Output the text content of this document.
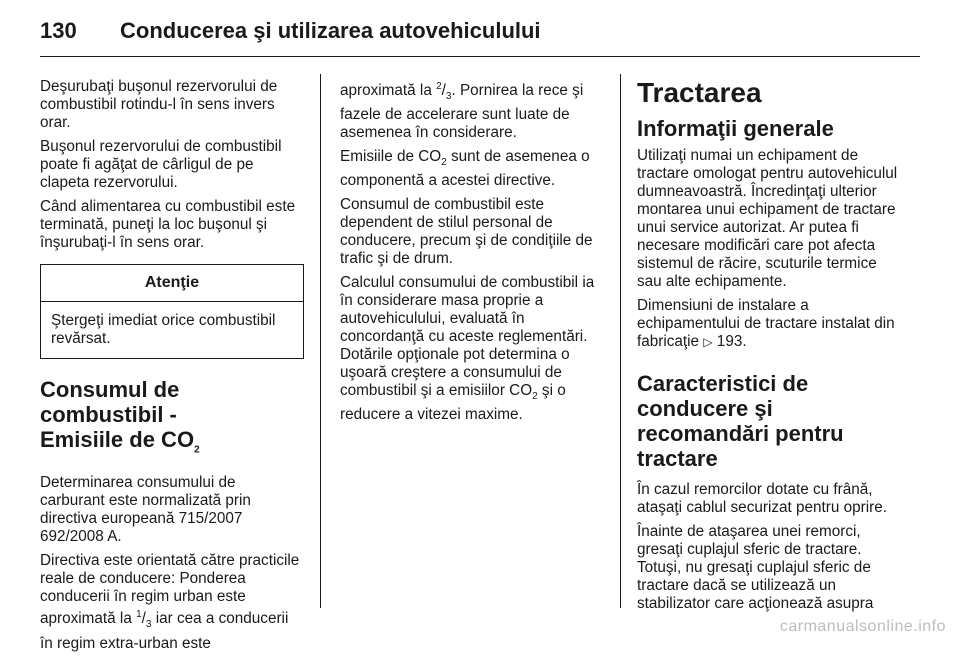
130 Conducerea şi utilizarea autovehiculului

Deşurubaţi buşonul rezervorului de combustibil rotindu-l în sens invers orar.

Buşonul rezervorului de combustibil poate fi agăţat de cârligul de pe clapeta rezervorului.

Când alimentarea cu combustibil este terminată, puneţi la loc buşonul şi înşurubaţi-l în sens orar.

Atenţie
Ştergeţi imediat orice combustibil revărsat.
Consumul de combustibil -
Emisiile de $CO_2$

Determinarea consumului de carburant este normalizată prin directiva europeană 715/2007 692/2008 A.

Directiva este orientată către practicile reale de conducere: Ponderea conducerii în regim urban este aproximată la $^1/_3$ iar cea a conducerii în regim extra-urban este

aproximată la $^2/_3$. Pornirea la rece şi fazele de accelerare sunt luate de asemenea în considerare.

Emisiile de $CO_2$ sunt de asemenea o componentă a acestei directive.

Consumul de combustibil este dependent de stilul personal de conducere, precum şi de condiţiile de trafic şi de drum.

Calculul consumului de combustibil ia în considerare masa proprie a autovehiculului, evaluată în concordanţă cu aceste reglementări. Dotările opţionale pot determina o uşoară creştere a consumului de combustibil şi a emisiilor $CO_2$ şi o reducere a vitezei maxime.

Tractarea
Informaţii generale

Utilizaţi numai un echipament de tractare omologat pentru autovehiculul dumneavoastră. Încredinţaţi ulterior montarea unui echipament de tractare unui service autorizat. Ar putea fi necesare modificări care pot afecta sistemul de răcire, scuturile termice sau alte echipamente.

Dimensiuni de instalare a echipamentului de tractare instalat din fabricaţie ▷ 193.

Caracteristici de conducere şi recomandări pentru tractare

În cazul remorcilor dotate cu frână, ataşaţi cablul securizat pentru oprire.

Înainte de ataşarea unei remorci, gresaţi cuplajul sferic de tractare. Totuşi, nu gresaţi cuplajul sferic de tractare dacă se utilizează un stabilizator care acţionează asupra

carmanualsonline.info
